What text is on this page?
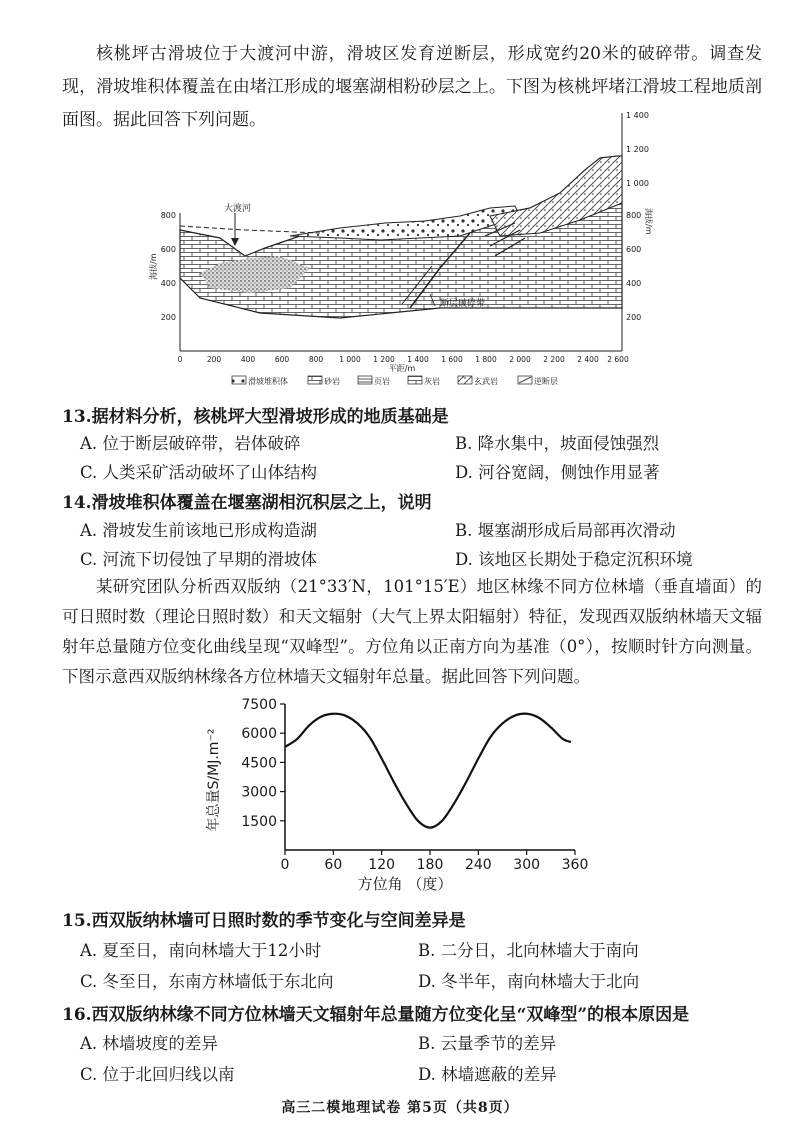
核桃坪古滑坡位于大渡河中游，滑坡区发育逆断层，形成宽约20米的破碎带。调查发现，滑坡堆积体覆盖在由堵江形成的堰塞湖相粉砂层之上。下图为核桃坪堵江滑坡工程地质剖面图。据此回答下列问题。
大渡河
断层破碎带
800
600
400
200
海拔/m
1 400
1 200
1 000
800
600
400
200
海拔/m
0	200	400	600	800 1 000 1 200 1 400 1 600 1 800 2 000 2 200 2 400 2 600
平距/m
滑坡堆积体	砂岩	页岩	灰岩	玄武岩	逆断层
13.据材料分析，核桃坪大型滑坡形成的地质基础是
A. 位于断层破碎带，岩体破碎	B. 降水集中，坡面侵蚀强烈
C. 人类采矿活动破坏了山体结构	D. 河谷宽阔，侧蚀作用显著
14.滑坡堆积体覆盖在堰塞湖相沉积层之上，说明
A. 滑坡发生前该地已形成构造湖	B. 堰塞湖形成后局部再次滑动
C. 河流下切侵蚀了早期的滑坡体	D. 该地区长期处于稳定沉积环境
某研究团队分析西双版纳（21°33′N，101°15′E）地区林缘不同方位林墙（垂直墙面）的可日照时数（理论日照时数）和天文辐射（大气上界太阳辐射）特征，发现西双版纳林墙天文辐射年总量随方位变化曲线呈现“双峰型”。方位角以正南方向为基准（0°），按顺时针方向测量。下图示意西双版纳林缘各方位林墙天文辐射年总量。据此回答下列问题。
0 60 120 180 240 300 360
1500
3000
4500
6000
7500
方位角 （度）
年总量S/MJ.m⁻²
15.西双版纳林墙可日照时数的季节变化与空间差异是
A. 夏至日，南向林墙大于12小时	B. 二分日，北向林墙大于南向
C. 冬至日，东南方林墙低于东北向	D. 冬半年，南向林墙大于北向
16.西双版纳林缘不同方位林墙天文辐射年总量随方位变化呈“双峰型”的根本原因是
A. 林墙坡度的差异	B. 云量季节的差异
C. 位于北回归线以南	D. 林墙遮蔽的差异
高三二模地理试卷 第5页（共8页）
